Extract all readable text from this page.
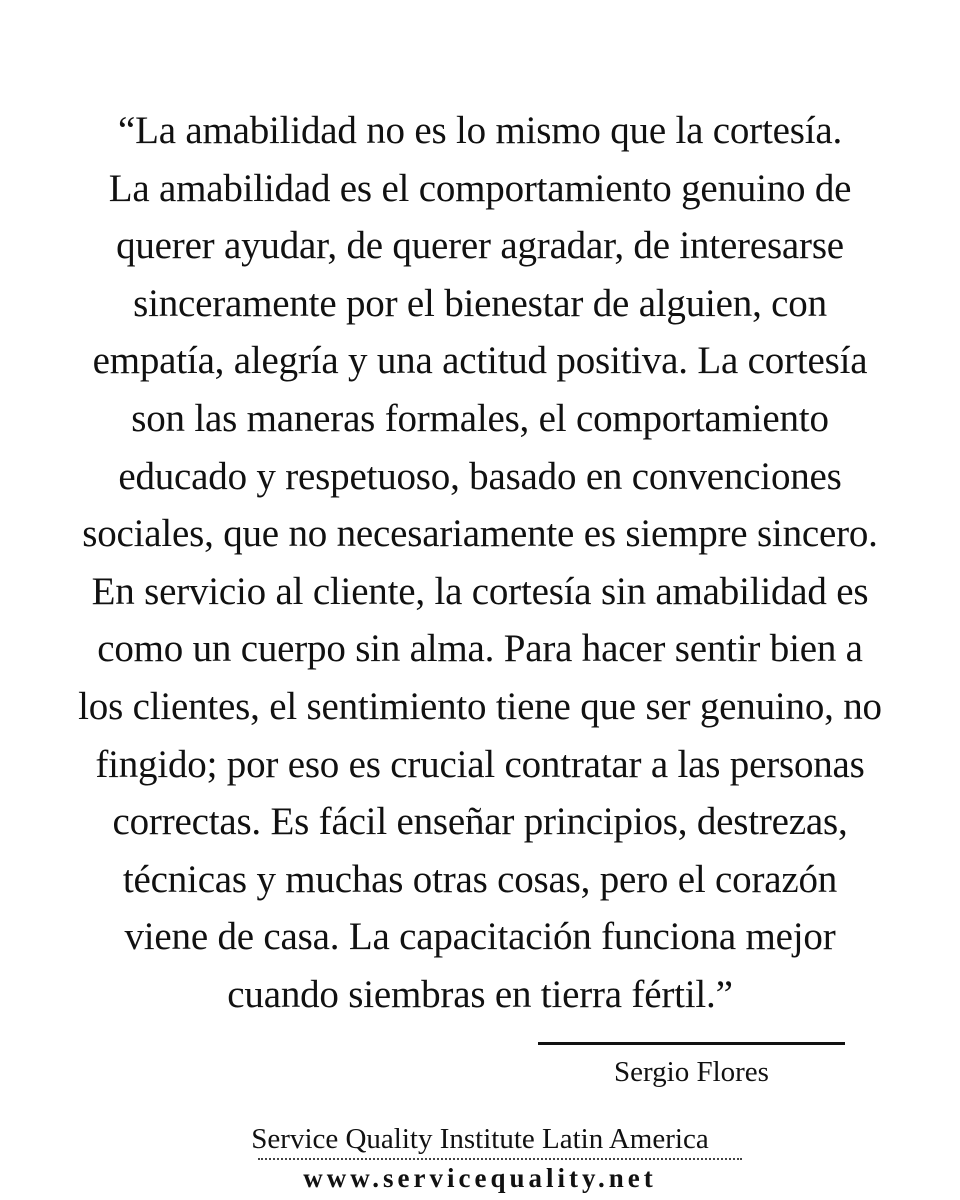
“La amabilidad no es lo mismo que la cortesía.
La amabilidad es el comportamiento genuino de
querer ayudar, de querer agradar, de interesarse
sinceramente por el bienestar de alguien, con
empatía, alegría y una actitud positiva. La cortesía
son las maneras formales, el comportamiento
educado y respetuoso, basado en convenciones
sociales, que no necesariamente es siempre sincero.
En servicio al cliente, la cortesía sin amabilidad es
como un cuerpo sin alma. Para hacer sentir bien a
los clientes, el sentimiento tiene que ser genuino, no
fingido; por eso es crucial contratar a las personas
correctas. Es fácil enseñar principios, destrezas,
técnicas y muchas otras cosas, pero el corazón
viene de casa. La capacitación funciona mejor
cuando siembras en tierra fértil.”

Sergio Flores
Service Quality Institute Latin America
www.servicequality.net
